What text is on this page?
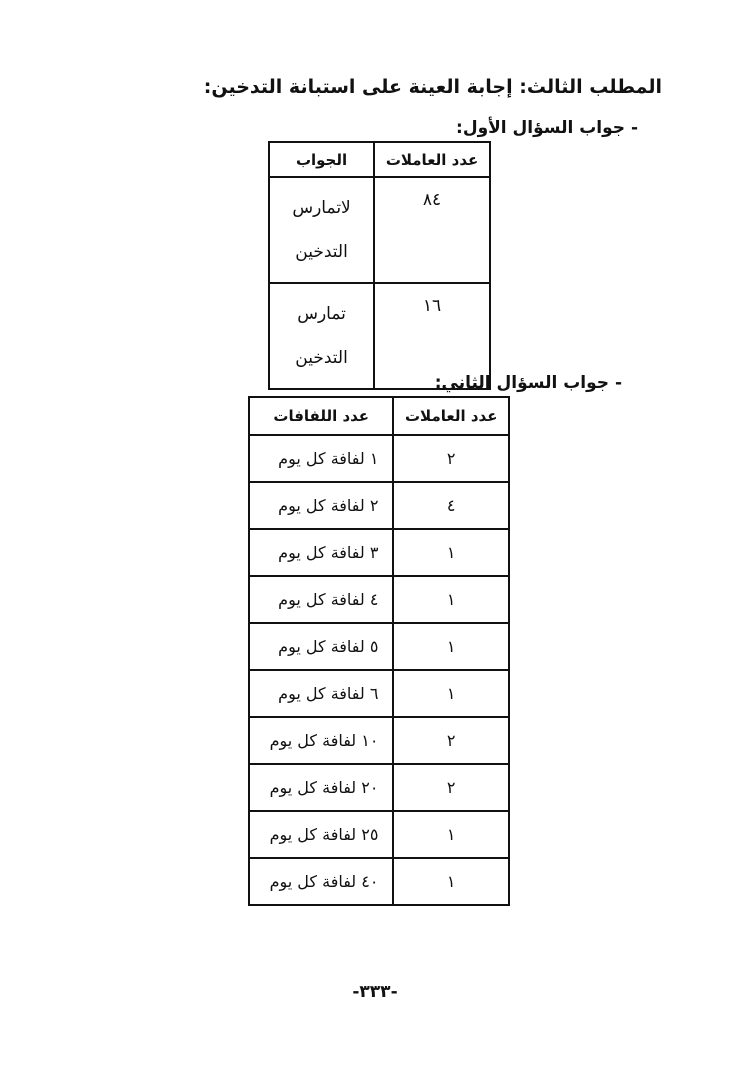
المطلب الثالث: إجابة العينة على استبانة التدخين:
- جواب السؤال الأول:
عدد العاملات	الجواب
٨٤	لاتمارس التدخين
١٦	تمارس التدخين
- جواب السؤال الثاني:
عدد العاملات	عدد اللفافات
٢	١ لفافة كل يوم
٤	٢ لفافة كل يوم
١	٣ لفافة كل يوم
١	٤ لفافة كل يوم
١	٥ لفافة كل يوم
١	٦ لفافة كل يوم
٢	١٠ لفافة كل يوم
٢	٢٠ لفافة كل يوم
١	٢٥ لفافة كل يوم
١	٤٠ لفافة كل يوم
-٣٣٣-
